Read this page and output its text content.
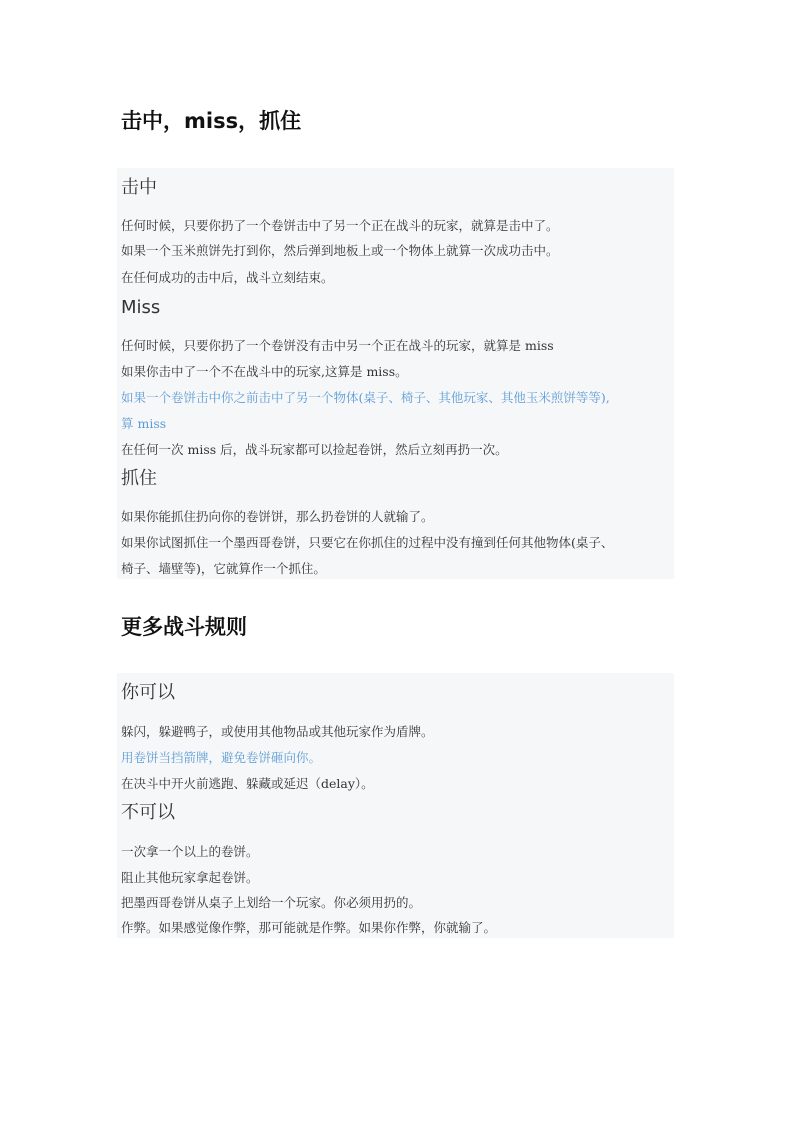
击中，miss，抓住
击中

任何时候，只要你扔了一个卷饼击中了另一个正在战斗的玩家，就算是击中了。

如果一个玉米煎饼先打到你，然后弹到地板上或一个物体上就算一次成功击中。

在任何成功的击中后，战斗立刻结束。

Miss

任何时候，只要你扔了一个卷饼没有击中另一个正在战斗的玩家，就算是 miss

如果你击中了一个不在战斗中的玩家,这算是 miss。

如果一个卷饼击中你之前击中了另一个物体(桌子、椅子、其他玩家、其他玉米煎饼等等),

算 miss

在任何一次 miss 后，战斗玩家都可以捡起卷饼，然后立刻再扔一次。

抓住

如果你能抓住扔向你的卷饼饼，那么扔卷饼的人就输了。

如果你试图抓住一个墨西哥卷饼，只要它在你抓住的过程中没有撞到任何其他物体(桌子、

椅子、墙壁等)，它就算作一个抓住。

更多战斗规则
你可以

躲闪，躲避鸭子，或使用其他物品或其他玩家作为盾牌。

用卷饼当挡箭牌，避免卷饼砸向你。

在决斗中开火前逃跑、躲藏或延迟（delay）。

不可以

一次拿一个以上的卷饼。

阻止其他玩家拿起卷饼。

把墨西哥卷饼从桌子上划给一个玩家。你必须用扔的。

作弊。如果感觉像作弊，那可能就是作弊。如果你作弊，你就输了。
